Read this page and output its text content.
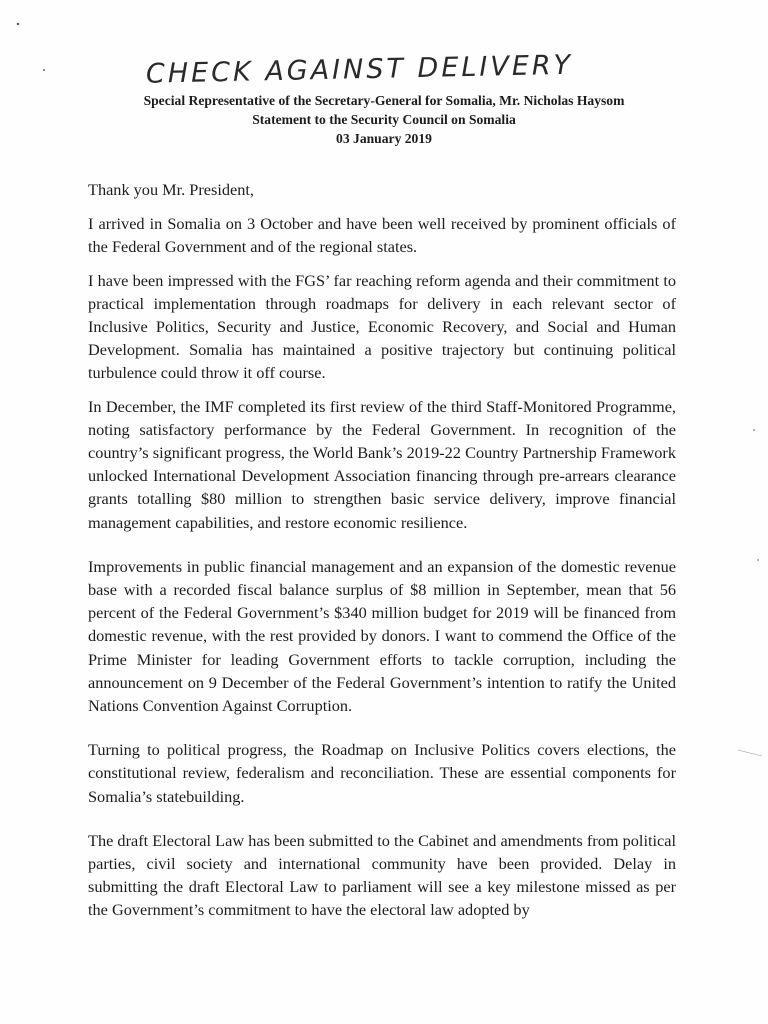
CHECK AGAINST DELIVERY
Special Representative of the Secretary-General for Somalia, Mr. Nicholas Haysom
Statement to the Security Council on Somalia
03 January 2019

Thank you Mr. President,

I arrived in Somalia on 3 October and have been well received by prominent officials of the Federal Government and of the regional states.

I have been impressed with the FGS’ far reaching reform agenda and their commitment to practical implementation through roadmaps for delivery in each relevant sector of Inclusive Politics, Security and Justice, Economic Recovery, and Social and Human Development. Somalia has maintained a positive trajectory but continuing political turbulence could throw it off course.

In December, the IMF completed its first review of the third Staff-Monitored Programme, noting satisfactory performance by the Federal Government. In recognition of the country’s significant progress, the World Bank’s 2019-22 Country Partnership Framework unlocked International Development Association financing through pre-arrears clearance grants totalling $80 million to strengthen basic service delivery, improve financial management capabilities, and restore economic resilience.

Improvements in public financial management and an expansion of the domestic revenue base with a recorded fiscal balance surplus of $8 million in September, mean that 56 percent of the Federal Government’s $340 million budget for 2019 will be financed from domestic revenue, with the rest provided by donors. I want to commend the Office of the Prime Minister for leading Government efforts to tackle corruption, including the announcement on 9 December of the Federal Government’s intention to ratify the United Nations Convention Against Corruption.

Turning to political progress, the Roadmap on Inclusive Politics covers elections, the constitutional review, federalism and reconciliation. These are essential components for Somalia’s statebuilding.

The draft Electoral Law has been submitted to the Cabinet and amendments from political parties, civil society and international community have been provided. Delay in submitting the draft Electoral Law to parliament will see a key milestone missed as per the Government’s commitment to have the electoral law adopted by
